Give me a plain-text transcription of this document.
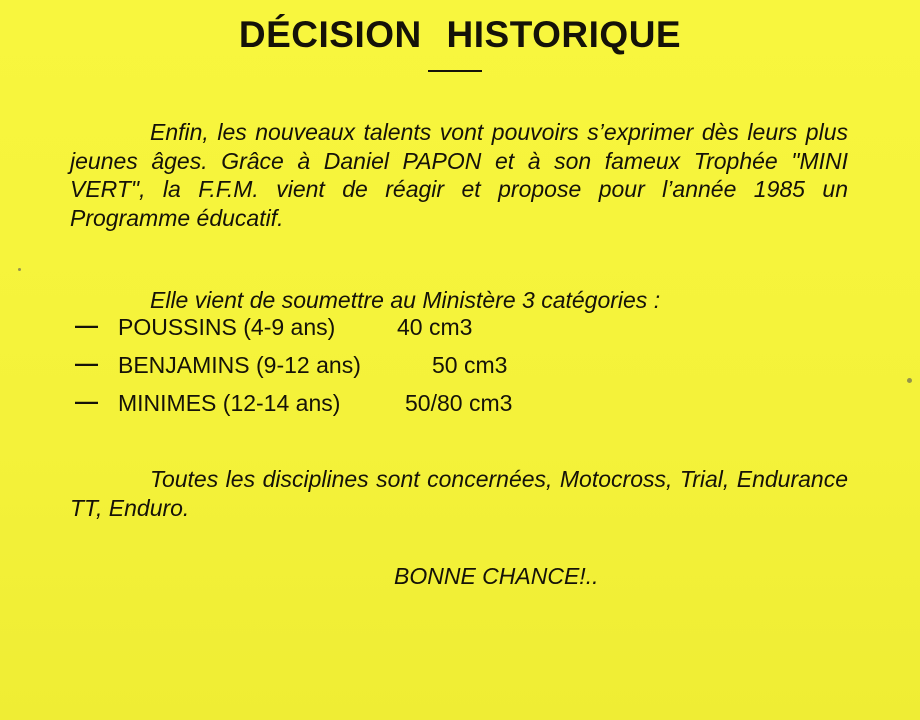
DÉCISION HISTORIQUE
Enfin, les nouveaux talents vont pouvoirs s’exprimer dès leurs plus jeunes âges. Grâce à Daniel PAPON et à son fameux Trophée "MINI VERT", la F.F.M. vient de réagir et propose pour l’année 1985 un Programme éducatif.
Elle vient de soumettre au Ministère 3 catégories :
— POUSSINS (4-9 ans)	40 cm3
— BENJAMINS (9-12 ans)	50 cm3
— MINIMES (12-14 ans)	50/80 cm3
Toutes les disciplines sont concernées, Motocross, Trial, Endurance TT, Enduro.
BONNE CHANCE!..
